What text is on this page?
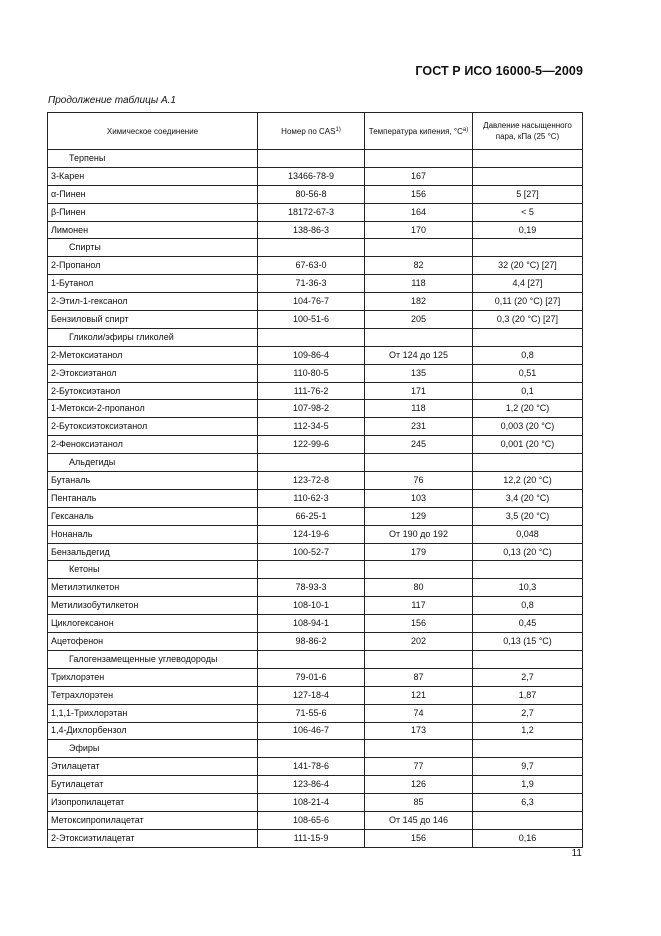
ГОСТ Р ИСО 16000-5—2009
Продолжение таблицы А.1
Химическое соединение	Номер по CAS$^{1)}$	Температура кипения, $^\circ С^{а)}$	Давление насыщенного пара, кПа (25 °С)
Терпены			
3-Карен	13466-78-9	167	
α-Пинен	80-56-8	156	5 [27]
β-Пинен	18172-67-3	164	< 5
Лимонен	138-86-3	170	0,19
Спирты			
2-Пропанол	67-63-0	82	32 (20 °С) [27]
1-Бутанол	71-36-3	118	4,4 [27]
2-Этил-1-гексанол	104-76-7	182	0,11 (20 °С) [27]
Бензиловый спирт	100-51-6	205	0,3 (20 °С) [27]
Гликоли/эфиры гликолей			
2-Метоксиэтанол	109-86-4	От 124 до 125	0,8
2-Этоксиэтанол	110-80-5	135	0,51
2-Бутоксиэтанол	111-76-2	171	0,1
1-Метокси-2-пропанол	107-98-2	118	1,2 (20 °С)
2-Бутоксиэтоксиэтанол	112-34-5	231	0,003 (20 °С)
2-Феноксиэтанол	122-99-6	245	0,001 (20 °С)
Альдегиды			
Бутаналь	123-72-8	76	12,2 (20 °С)
Пентаналь	110-62-3	103	3,4 (20 °С)
Гексаналь	66-25-1	129	3,5 (20 °С)
Нонаналь	124-19-6	От 190 до 192	0,048
Бензальдегид	100-52-7	179	0,13 (20 °С)
Кетоны			
Метилэтилкетон	78-93-3	80	10,3
Метилизобутилкетон	108-10-1	117	0,8
Циклогексанон	108-94-1	156	0,45
Ацетофенон	98-86-2	202	0,13 (15 °С)
Галогензамещенные углеводороды			
Трихлорэтен	79-01-6	87	2,7
Тетрахлорэтен	127-18-4	121	1,87
1,1,1-Трихлорэтан	71-55-6	74	2,7
1,4-Дихлорбензол	106-46-7	173	1,2
Эфиры			
Этилацетат	141-78-6	77	9,7
Бутилацетат	123-86-4	126	1,9
Изопропилацетат	108-21-4	85	6,3
Метоксипропилацетат	108-65-6	От 145 до 146	
2-Этоксиэтилацетат	111-15-9	156	0,16
11
